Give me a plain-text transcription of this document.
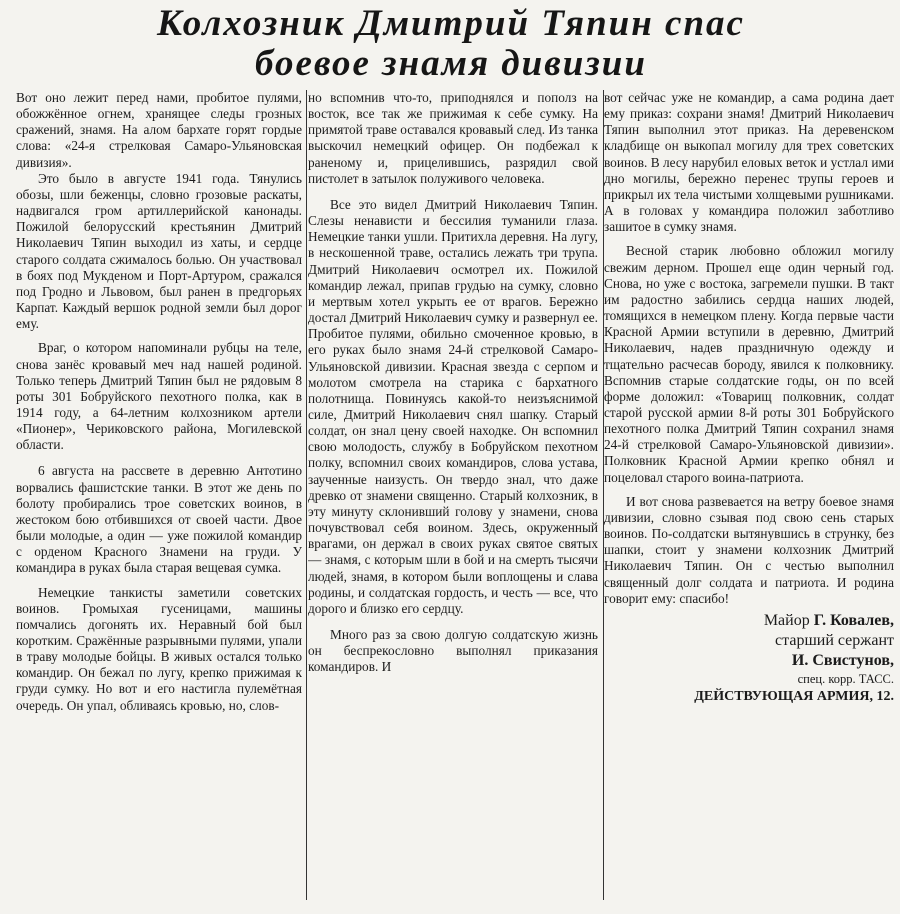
Колхозник Дмитрий Тяпин спас
боевое знамя дивизии

Вот оно лежит перед нами, пробитое пулями, обожжённое огнем, хранящее следы грозных сражений, знамя. На алом бархате горят гордые слова: «24-я стрелковая Самаро-Ульяновская дивизия».

Это было в августе 1941 года. Тянулись обозы, шли беженцы, словно грозовые раскаты, надвигался гром артиллерийской канонады. Пожилой белорусский крестьянин Дмитрий Николаевич Тяпин выходил из хаты, и сердце старого солдата сжималось болью. Он участвовал в боях под Мукденом и Порт-Артуром, сражался под Гродно и Львовом, был ранен в предгорьях Карпат. Каждый вершок родной земли был дорог ему.

Враг, о котором напоминали рубцы на теле, снова занёс кровавый меч над нашей родиной. Только теперь Дмитрий Тяпин был не рядовым 8 роты 301 Бобруйского пехотного полка, как в 1914 году, а 64-летним колхозником артели «Пионер», Чериковского района, Могилевской области.

6 августа на рассвете в деревню Антотино ворвались фашистские танки. В этот же день по болоту пробирались трое советских воинов, в жестоком бою отбившихся от своей части. Двое были молодые, а один — уже пожилой командир с орденом Красного Знамени на груди. У командира в руках была старая вещевая сумка.

Немецкие танкисты заметили советских воинов. Громыхая гусеницами, машины помчались догонять их. Неравный бой был коротким. Сражённые разрывными пулями, упали в траву молодые бойцы. В живых остался только командир. Он бежал по лугу, крепко прижимая к груди сумку. Но вот и его настигла пулемётная очередь. Он упал, обливаясь кровью, но, слов-

но вспомнив что-то, приподнялся и пополз на восток, все так же прижимая к себе сумку. На примятой траве оставался кровавый след. Из танка выскочил немецкий офицер. Он подбежал к раненому и, прицелившись, разрядил свой пистолет в затылок полуживого человека.

Все это видел Дмитрий Николаевич Тяпин. Слезы ненависти и бессилия туманили глаза. Немецкие танки ушли. Притихла деревня. На лугу, в нескошенной траве, остались лежать три трупа. Дмитрий Николаевич осмотрел их. Пожилой командир лежал, припав грудью на сумку, словно и мертвым хотел укрыть ее от врагов. Бережно достал Дмитрий Николаевич сумку и развернул ее. Пробитое пулями, обильно смоченное кровью, в его руках было знамя 24-й стрелковой Самаро-Ульяновской дивизии. Красная звезда с серпом и молотом смотрела на старика с бархатного полотнища. Повинуясь какой-то неизъяснимой силе, Дмитрий Николаевич снял шапку. Старый солдат, он знал цену своей находке. Он вспомнил свою молодость, службу в Бобруйском пехотном полку, вспомнил своих командиров, слова устава, заученные наизусть. Он твердо знал, что даже древко от знамени священно. Старый колхозник, в эту минуту склонивший голову у знамени, снова почувствовал себя воином. Здесь, окруженный врагами, он держал в своих руках святое святых — знамя, с которым шли в бой и на смерть тысячи людей, знамя, в котором были воплощены и слава родины, и солдатская гордость, и честь — все, что дорого и близко его сердцу.

Много раз за свою долгую солдатскую жизнь он беспрекословно выполнял приказания командиров. И

вот сейчас уже не командир, а сама родина дает ему приказ: сохрани знамя! Дмитрий Николаевич Тяпин выполнил этот приказ. На деревенском кладбище он выкопал могилу для трех советских воинов. В лесу нарубил еловых веток и устлал ими дно могилы, бережно перенес трупы героев и прикрыл их тела чистыми холщевыми рушниками. А в головах у командира положил заботливо зашитое в сумку знамя.

Весной старик любовно обложил могилу свежим дерном. Прошел еще один черный год. Снова, но уже с востока, загремели пушки. В такт им радостно забились сердца наших людей, томящихся в немецком плену. Когда первые части Красной Армии вступили в деревню, Дмитрий Николаевич, надев праздничную одежду и тщательно расчесав бороду, явился к полковнику. Вспомнив старые солдатские годы, он по всей форме доложил: «Товарищ полковник, солдат старой русской армии 8-й роты 301 Бобруйского пехотного полка Дмитрий Тяпин сохранил знамя 24-й стрелковой Самаро-Ульяновской дивизии». Полковник Красной Армии крепко обнял и поцеловал старого воина-патриота.

И вот снова развевается на ветру боевое знамя дивизии, словно сзывая под свою сень старых воинов. По-солдатски вытянувшись в струнку, без шапки, стоит у знамени колхозник Дмитрий Николаевич Тяпин. Он с честью выполнил священный долг солдата и патриота. И родина говорит ему: спасибо!

Майор Г. Ковалев,
старший сержант
И. Свистунов,
спец. корр. ТАСС.
ДЕЙСТВУЮЩАЯ АРМИЯ, 12.
